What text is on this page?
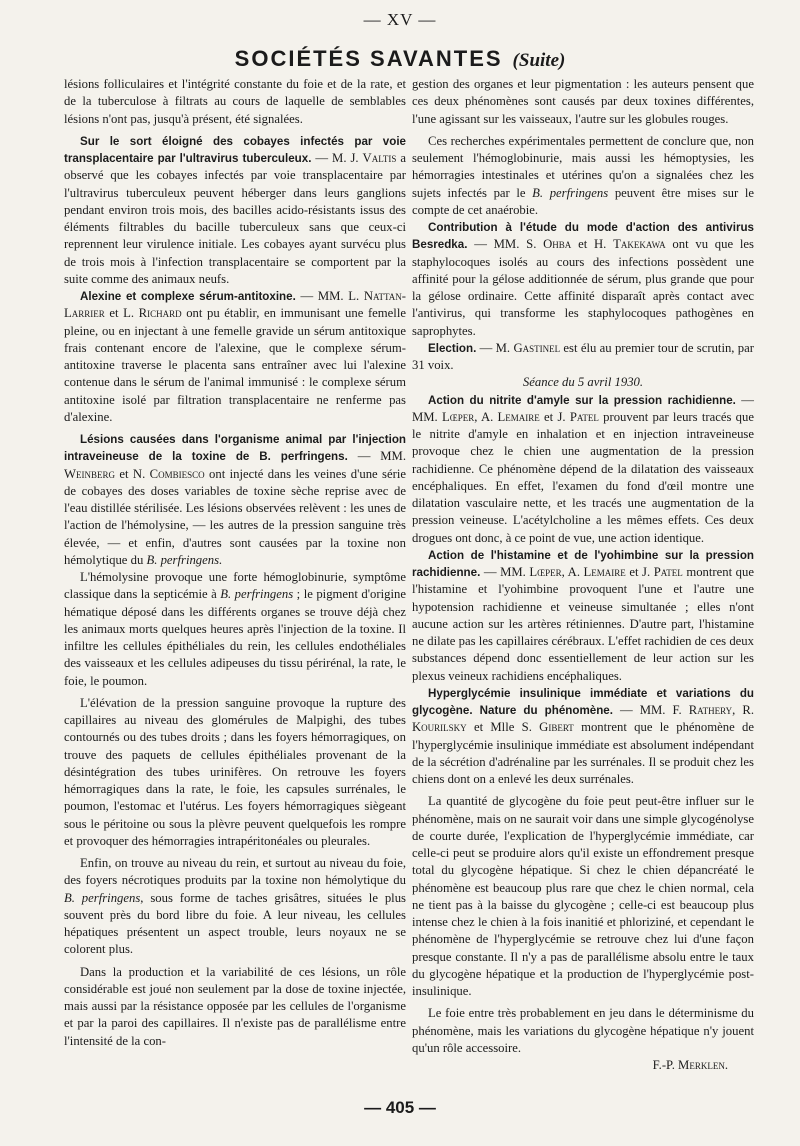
— XV —
SOCIÉTÉS SAVANTES (Suite)

lésions folliculaires et l'intégrité constante du foie et de la rate, et de la tuberculose à filtrats au cours de laquelle de semblables lésions n'ont pas, jusqu'à présent, été signalées.

Sur le sort éloigné des cobayes infectés par voie transplacentaire par l'ultravirus tuberculeux. — M. J. Valtis a observé que les cobayes infectés par voie transplacentaire par l'ultravirus tuberculeux peuvent héberger dans leurs ganglions pendant environ trois mois, des bacilles acido-résistants issus des éléments filtrables du bacille tuberculeux sans que ceux-ci reprennent leur virulence initiale. Les cobayes ayant survécu plus de trois mois à l'infection transplacentaire se comportent par la suite comme des animaux neufs.

Alexine et complexe sérum-antitoxine. — MM. L. Nattan-Larrier et L. Richard ont pu établir, en immunisant une femelle pleine, ou en injectant à une femelle gravide un sérum antitoxique frais contenant encore de l'alexine, que le complexe sérum-antitoxine traverse le placenta sans entraîner avec lui l'alexine contenue dans le sérum de l'animal immunisé : le complexe sérum antitoxine isolé par filtration transplacentaire ne renferme pas d'alexine.

Lésions causées dans l'organisme animal par l'injection intraveineuse de la toxine de B. perfringens. — MM. Weinberg et N. Combiesco ont injecté dans les veines d'une série de cobayes des doses variables de toxine sèche reprise avec de l'eau distillée stérilisée. Les lésions observées relèvent : les unes de l'action de l'hémolysine, — les autres de la pression sanguine très élevée, — et enfin, d'autres sont causées par la toxine non hémolytique du B. perfringens.

L'hémolysine provoque une forte hémoglobinurie, symptôme classique dans la septicémie à B. perfringens ; le pigment d'origine hématique déposé dans les différents organes se trouve déjà chez les animaux morts quelques heures après l'injection de la toxine. Il infiltre les cellules épithéliales du rein, les cellules endothéliales des vaisseaux et les cellules adipeuses du tissu périrénal, la rate, le foie, le poumon.

L'élévation de la pression sanguine provoque la rupture des capillaires au niveau des glomérules de Malpighi, des tubes contournés ou des tubes droits ; dans les foyers hémorragiques, on trouve des paquets de cellules épithéliales provenant de la désintégration des tubes urinifères. On retrouve les foyers hémorragiques dans la rate, le foie, les capsules surrénales, le poumon, l'estomac et l'utérus. Les foyers hémorragiques siègeant sous le péritoine ou sous la plèvre peuvent quelquefois les rompre et provoquer des hémorragies intrapéritonéales ou pleurales.

Enfin, on trouve au niveau du rein, et surtout au niveau du foie, des foyers nécrotiques produits par la toxine non hémolytique du B. perfringens, sous forme de taches grisâtres, situées le plus souvent près du bord libre du foie. A leur niveau, les cellules hépatiques présentent un aspect trouble, leurs noyaux ne se colorent plus.

Dans la production et la variabilité de ces lésions, un rôle considérable est joué non seulement par la dose de toxine injectée, mais aussi par la résistance opposée par les cellules de l'organisme et par la paroi des capillaires. Il n'existe pas de parallélisme entre l'intensité de la con-

gestion des organes et leur pigmentation : les auteurs pensent que ces deux phénomènes sont causés par deux toxines différentes, l'une agissant sur les vaisseaux, l'autre sur les globules rouges.

Ces recherches expérimentales permettent de conclure que, non seulement l'hémoglobinurie, mais aussi les hémoptysies, les hémorragies intestinales et utérines qu'on a signalées chez les sujets infectés par le B. perfringens peuvent être mises sur le compte de cet anaérobie.

Contribution à l'étude du mode d'action des antivirus Besredka. — MM. S. Ohba et H. Takekawa ont vu que les staphylocoques isolés au cours des infections possèdent une affinité pour la gélose additionnée de sérum, plus grande que pour la gélose ordinaire. Cette affinité disparaît après contact avec l'antivirus, qui transforme les staphylocoques pathogènes en saprophytes.

Election. — M. Gastinel est élu au premier tour de scrutin, par 31 voix.

Séance du 5 avril 1930.

Action du nitrite d'amyle sur la pression rachidienne. — MM. Lœper, A. Lemaire et J. Patel prouvent par leurs tracés que le nitrite d'amyle en inhalation et en injection intraveineuse provoque chez le chien une augmentation de la pression rachidienne. Ce phénomène dépend de la dilatation des vaisseaux encéphaliques. En effet, l'examen du fond d'œil montre une dilatation vasculaire nette, et les tracés une augmentation de la pression veineuse. L'acétylcholine a les mêmes effets. Ces deux drogues ont donc, à ce point de vue, une action identique.

Action de l'histamine et de l'yohimbine sur la pression rachidienne. — MM. Lœper, A. Lemaire et J. Patel montrent que l'histamine et l'yohimbine provoquent l'une et l'autre une hypotension rachidienne et veineuse simultanée ; elles n'ont aucune action sur les artères rétiniennes. D'autre part, l'histamine ne dilate pas les capillaires cérébraux. L'effet rachidien de ces deux substances dépend donc essentiellement de leur action sur les plexus veineux rachidiens encéphaliques.

Hyperglycémie insulinique immédiate et variations du glycogène. Nature du phénomène. — MM. F. Rathery, R. Kourilsky et Mlle S. Gibert montrent que le phénomène de l'hyperglycémie insulinique immédiate est absolument indépendant de la sécrétion d'adrénaline par les surrénales. Il se produit chez les chiens dont on a enlevé les deux surrénales.

La quantité de glycogène du foie peut peut-être influer sur le phénomène, mais on ne saurait voir dans une simple glycogénolyse de courte durée, l'explication de l'hyperglycémie immédiate, car celle-ci peut se produire alors qu'il existe un effondrement presque total du glycogène hépatique. Si chez le chien dépancréaté le phénomène est beaucoup plus rare que chez le chien normal, cela ne tient pas à la baisse du glycogène ; celle-ci est beaucoup plus intense chez le chien à la fois inanitié et phloriziné, et cependant le phénomène de l'hyperglycémie se retrouve chez lui d'une façon presque constante. Il n'y a pas de parallélisme absolu entre le taux du glycogène hépatique et la production de l'hyperglycémie post-insulinique.

Le foie entre très probablement en jeu dans le déterminisme du phénomène, mais les variations du glycogène hépatique n'y jouent qu'un rôle accessoire.

F.-P. Merklen.

— 405 —
